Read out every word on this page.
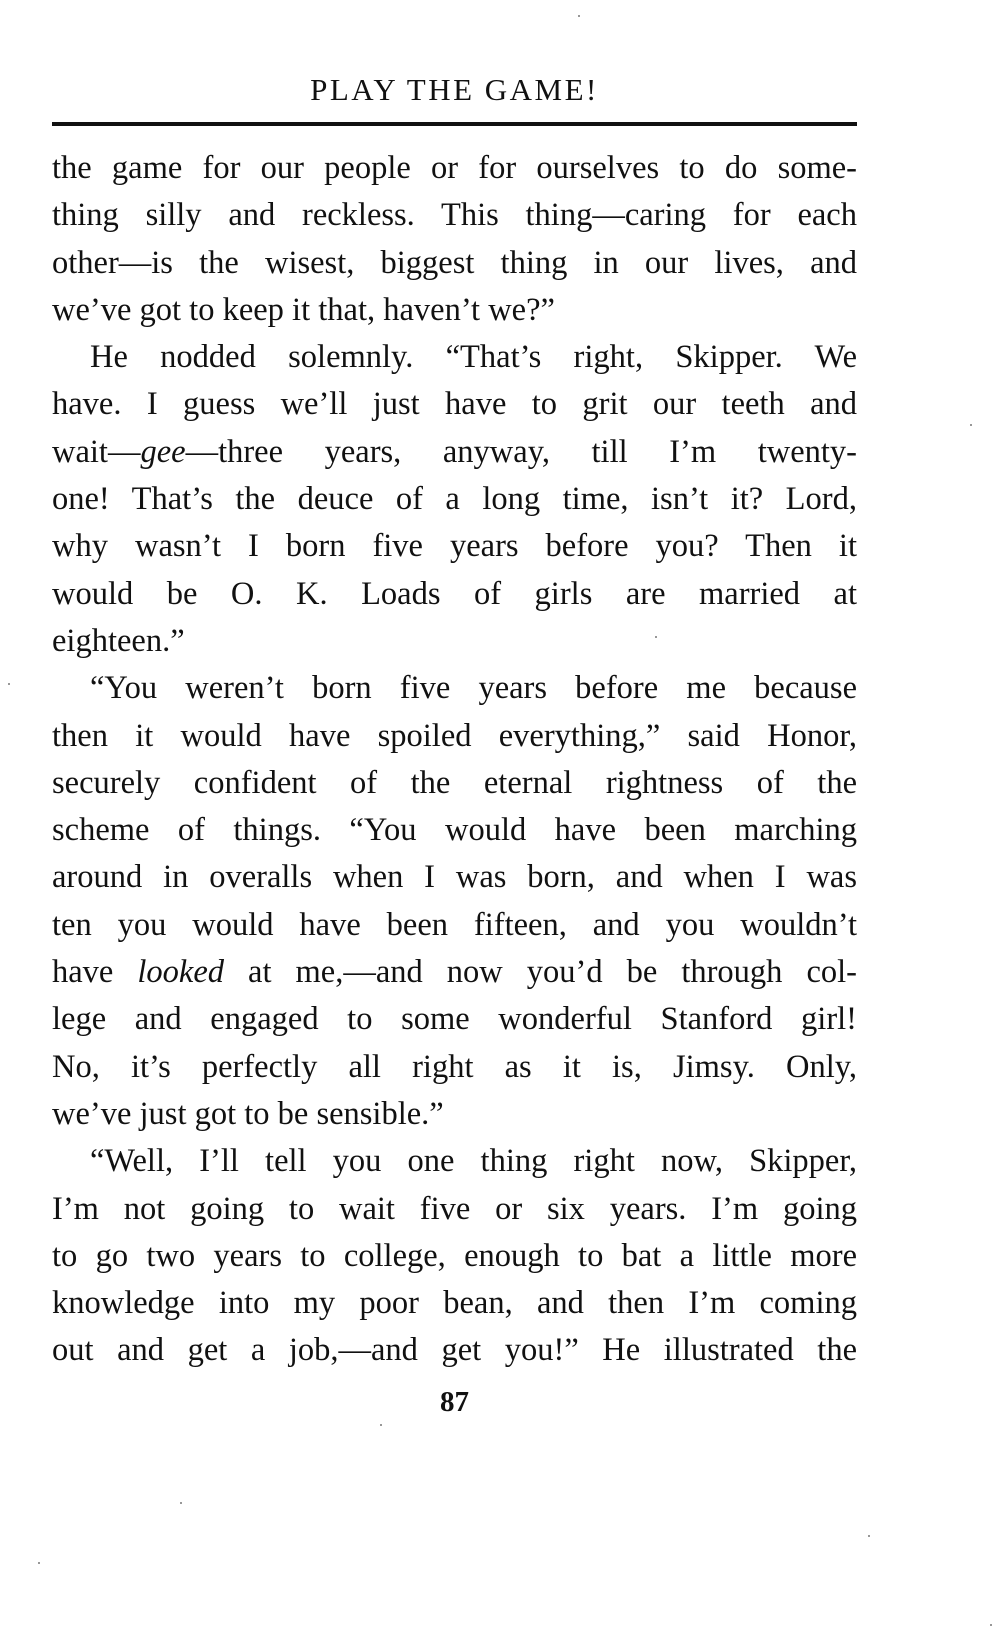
PLAY THE GAME!
the game for our people or for ourselves to do some-
thing silly and reckless. This thing—caring for each
other—is the wisest, biggest thing in our lives, and
we’ve got to keep it that, haven’t we?”
He nodded solemnly. “That’s right, Skipper. We
have. I guess we’ll just have to grit our teeth and
wait—gee—three years, anyway, till I’m twenty-
one! That’s the deuce of a long time, isn’t it? Lord,
why wasn’t I born five years before you? Then it
would be O. K. Loads of girls are married at
eighteen.”
“You weren’t born five years before me because
then it would have spoiled everything,” said Honor,
securely confident of the eternal rightness of the
scheme of things. “You would have been marching
around in overalls when I was born, and when I was
ten you would have been fifteen, and you wouldn’t
have looked at me,—and now you’d be through col-
lege and engaged to some wonderful Stanford girl!
No, it’s perfectly all right as it is, Jimsy. Only,
we’ve just got to be sensible.”
“Well, I’ll tell you one thing right now, Skipper,
I’m not going to wait five or six years. I’m going
to go two years to college, enough to bat a little more
knowledge into my poor bean, and then I’m coming
out and get a job,—and get you!” He illustrated the
87
